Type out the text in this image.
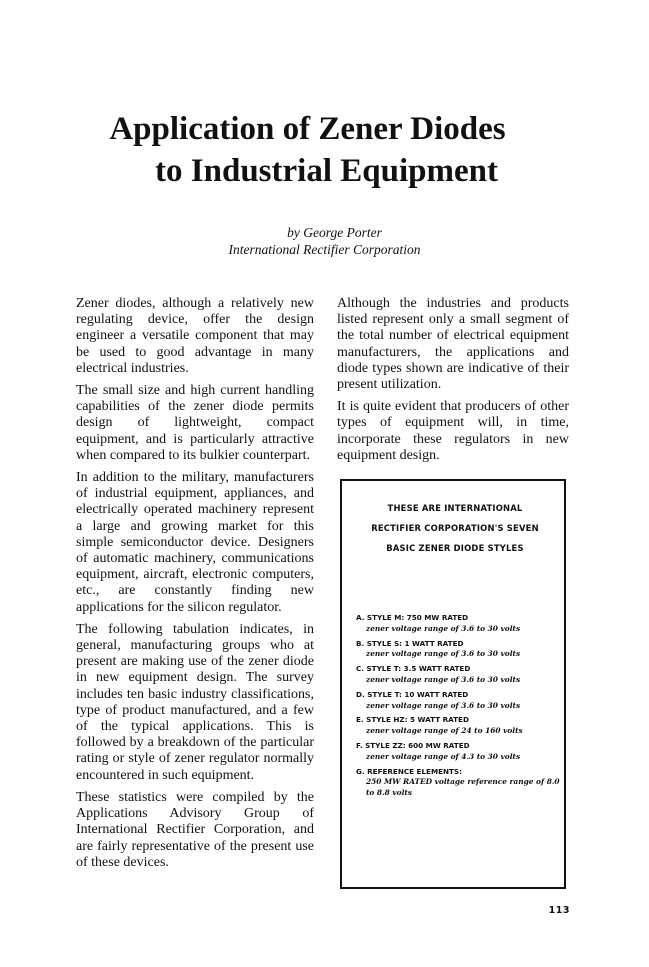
Application of Zener Diodes
to Industrial Equipment
by George Porter
International Rectifier Corporation

Zener diodes, although a relatively new regulating device, offer the design engineer a versatile component that may be used to good advantage in many electrical industries.

The small size and high current handling capabilities of the zener diode permits design of lightweight, compact equipment, and is particularly attractive when compared to its bulkier counterpart.

In addition to the military, manufacturers of industrial equipment, appliances, and electrically operated machinery represent a large and growing market for this simple semiconductor device. Designers of automatic machinery, communications equipment, aircraft, electronic computers, etc., are constantly finding new applications for the silicon regulator.

The following tabulation indicates, in general, manufacturing groups who at present are making use of the zener diode in new equipment design. The survey includes ten basic industry classifications, type of product manufactured, and a few of the typical applications. This is followed by a breakdown of the particular rating or style of zener regulator normally encountered in such equipment.

These statistics were compiled by the Applications Advisory Group of International Rectifier Corporation, and are fairly representative of the present use of these devices.

Although the industries and products listed represent only a small segment of the total number of electrical equipment manufacturers, the applications and diode types shown are indicative of their present utilization.

It is quite evident that producers of other types of equipment will, in time, incorporate these regulators in new equipment design.

THESE ARE INTERNATIONAL
RECTIFIER CORPORATION'S SEVEN
BASIC ZENER DIODE STYLES
A. STYLE M: 750 MW RATED
zener voltage range of 3.6 to 30 volts
B. STYLE S: 1 WATT RATED
zener voltage range of 3.6 to 30 volts
C. STYLE T: 3.5 WATT RATED
zener voltage range of 3.6 to 30 volts
D. STYLE T: 10 WATT RATED
zener voltage range of 3.6 to 30 volts
E. STYLE HZ: 5 WATT RATED
zener voltage range of 24 to 160 volts
F. STYLE ZZ: 600 MW RATED
zener voltage range of 4.3 to 30 volts
G. REFERENCE ELEMENTS:
250 MW RATED voltage reference range of 8.0 to 8.8 volts
113
